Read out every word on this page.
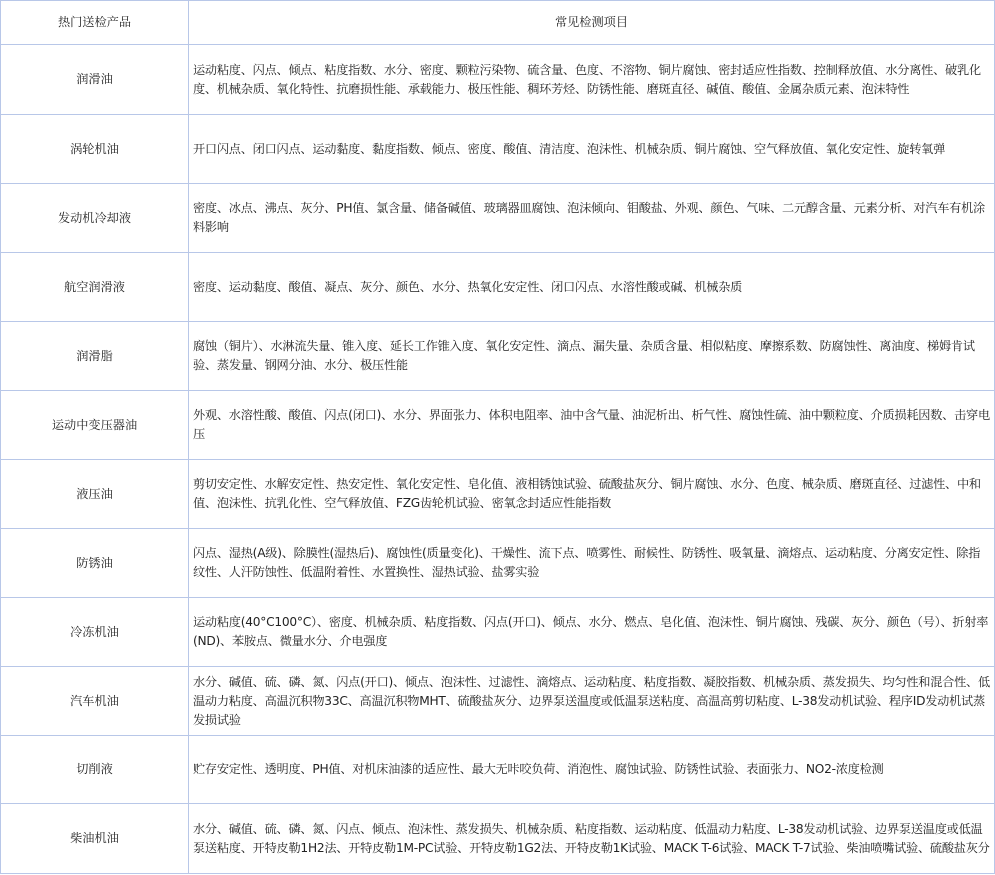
热门送检产品	常见检测项目
润滑油	运动粘度、闪点、倾点、粘度指数、水分、密度、颗粒污染物、硫含量、色度、不溶物、铜片腐蚀、密封适应性指数、控制释放值、水分离性、破乳化度、机械杂质、氧化特性、抗磨损性能、承载能力、极压性能、稠环芳烃、防锈性能、磨斑直径、碱值、酸值、金属杂质元素、泡沫特性
涡轮机油	开口闪点、闭口闪点、运动黏度、黏度指数、倾点、密度、酸值、清洁度、泡沫性、机械杂质、铜片腐蚀、空气释放值、氧化安定性、旋转氧弹
发动机冷却液	密度、冰点、沸点、灰分、PH值、氯含量、储备碱值、玻璃器皿腐蚀、泡沫倾向、钼酸盐、外观、颜色、气味、二元醇含量、元素分析、对汽车有机涂料影响
航空润滑液	密度、运动黏度、酸值、凝点、灰分、颜色、水分、热氧化安定性、闭口闪点、水溶性酸或碱、机械杂质
润滑脂	腐蚀（铜片）、水淋流失量、锥入度、延长工作锥入度、氧化安定性、滴点、漏失量、杂质含量、相似粘度、摩擦系数、防腐蚀性、离油度、梯姆肯试验、蒸发量、钢网分油、水分、极压性能
运动中变压器油	外观、水溶性酸、酸值、闪点(闭口)、水分、界面张力、体积电阻率、油中含气量、油泥析出、析气性、腐蚀性硫、油中颗粒度、介质损耗因数、击穿电压
液压油	剪切安定性、水解安定性、热安定性、氧化安定性、皂化值、液相锈蚀试验、硫酸盐灰分、铜片腐蚀、水分、色度、械杂质、磨斑直径、过滤性、中和值、泡沫性、抗乳化性、空气释放值、FZG齿轮机试验、密氧念封适应性能指数
防锈油	闪点、湿热(A级)、除膜性(湿热后)、腐蚀性(质量变化)、干燥性、流下点、喷雾性、耐候性、防锈性、吸氧量、滴熔点、运动粘度、分离安定性、除指纹性、人汗防蚀性、低温附着性、水置换性、湿热试验、盐雾实验
冷冻机油	运动粘度(40°C100°C）、密度、机械杂质、粘度指数、闪点(开口)、倾点、水分、燃点、皂化值、泡沫性、铜片腐蚀、残碳、灰分、颜色（号）、折射率(ND)、苯胺点、微量水分、介电强度
汽车机油	水分、碱值、硫、磷、氮、闪点(开口)、倾点、泡沫性、过滤性、滴熔点、运动粘度、粘度指数、凝胶指数、机械杂质、蒸发损失、均匀性和混合性、低温动力粘度、高温沉积物33C、高温沉积物MHT、硫酸盐灰分、边界泵送温度或低温泵送粘度、高温高剪切粘度、L-38发动机试验、程序ID发动机试蒸发损试验
切削液	贮存安定性、透明度、PH值、对机床油漆的适应性、最大无咔咬负荷、消泡性、腐蚀试验、防锈性试验、表面张力、NO2-浓度检测
柴油机油	水分、碱值、硫、磷、氮、闪点、倾点、泡沫性、蒸发损失、机械杂质、粘度指数、运动粘度、低温动力粘度、L-38发动机试验、边界泵送温度或低温泵送粘度、开特皮勒1H2法、开特皮勒1M-PC试验、开特皮勒1G2法、开特皮勒1K试验、MACK T-6试验、MACK T-7试验、柴油喷嘴试验、硫酸盐灰分
